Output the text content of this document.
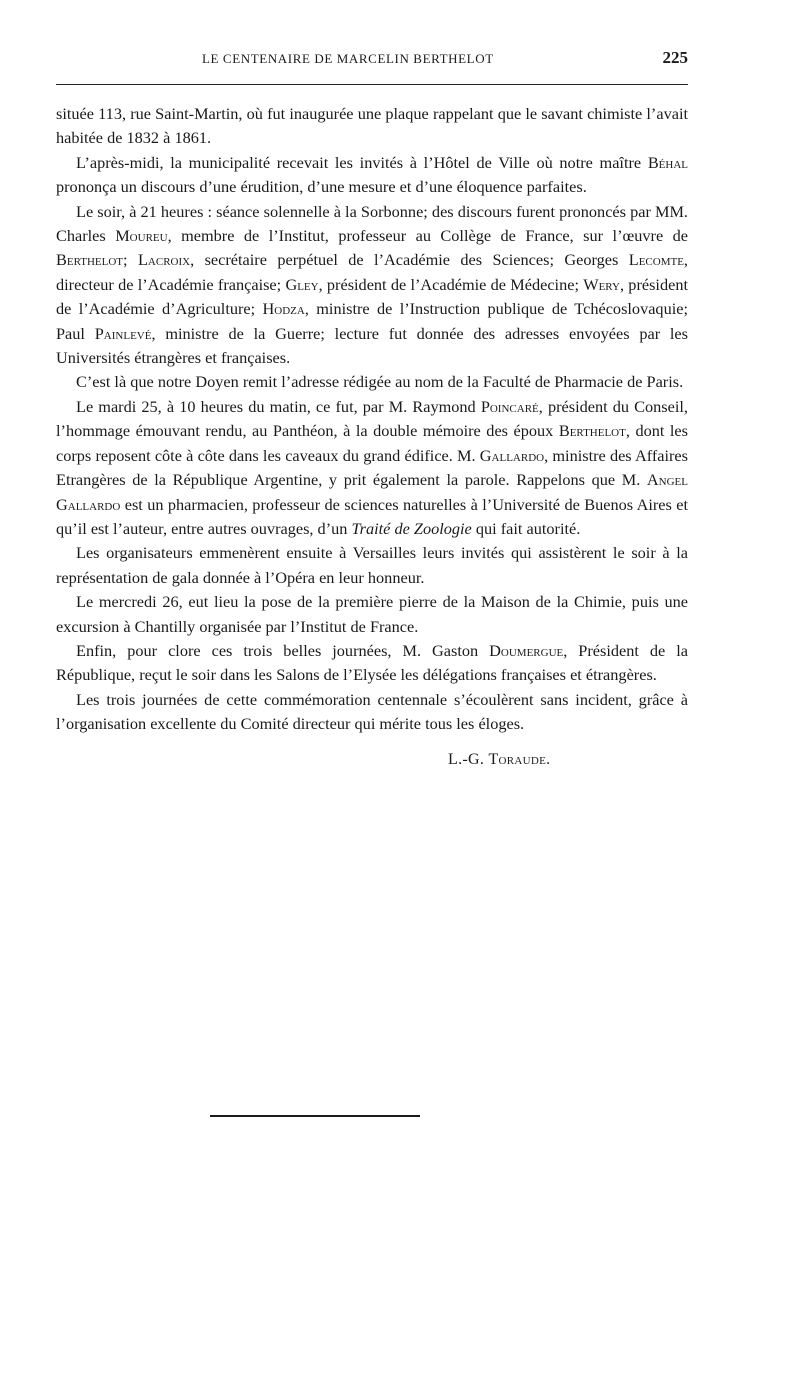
LE CENTENAIRE DE MARCELIN BERTHELOT	225

située 113, rue Saint-Martin, où fut inaugurée une plaque rappelant que le savant chimiste l’avait habitée de 1832 à 1861.

L’après-midi, la municipalité recevait les invités à l’Hôtel de Ville où notre maître Béhal prononça un discours d’une érudition, d’une mesure et d’une éloquence parfaites.

Le soir, à 21 heures : séance solennelle à la Sorbonne; des discours furent prononcés par MM. Charles Moureu, membre de l’Institut, professeur au Collège de France, sur l’œuvre de Berthelot; Lacroix, secrétaire perpétuel de l’Académie des Sciences; Georges Lecomte, directeur de l’Académie française; Gley, président de l’Académie de Médecine; Wery, président de l’Académie d’Agriculture; Hodza, ministre de l’Instruction publique de Tchécoslovaquie; Paul Painlevé, ministre de la Guerre; lecture fut donnée des adresses envoyées par les Universités étrangères et françaises.

C’est là que notre Doyen remit l’adresse rédigée au nom de la Faculté de Pharmacie de Paris.

Le mardi 25, à 10 heures du matin, ce fut, par M. Raymond Poincaré, président du Conseil, l’hommage émouvant rendu, au Panthéon, à la double mémoire des époux Berthelot, dont les corps reposent côte à côte dans les caveaux du grand édifice. M. Gallardo, ministre des Affaires Etrangères de la République Argentine, y prit également la parole. Rappelons que M. Angel Gallardo est un pharmacien, professeur de sciences naturelles à l’Université de Buenos Aires et qu’il est l’auteur, entre autres ouvrages, d’un Traité de Zoologie qui fait autorité.

Les organisateurs emmenèrent ensuite à Versailles leurs invités qui assistèrent le soir à la représentation de gala donnée à l’Opéra en leur honneur.

Le mercredi 26, eut lieu la pose de la première pierre de la Maison de la Chimie, puis une excursion à Chantilly organisée par l’Institut de France.

Enfin, pour clore ces trois belles journées, M. Gaston Doumergue, Président de la République, reçut le soir dans les Salons de l’Elysée les délégations françaises et étrangères.

Les trois journées de cette commémoration centennale s’écoulèrent sans incident, grâce à l’organisation excellente du Comité directeur qui mérite tous les éloges.

L.-G. Toraude.
